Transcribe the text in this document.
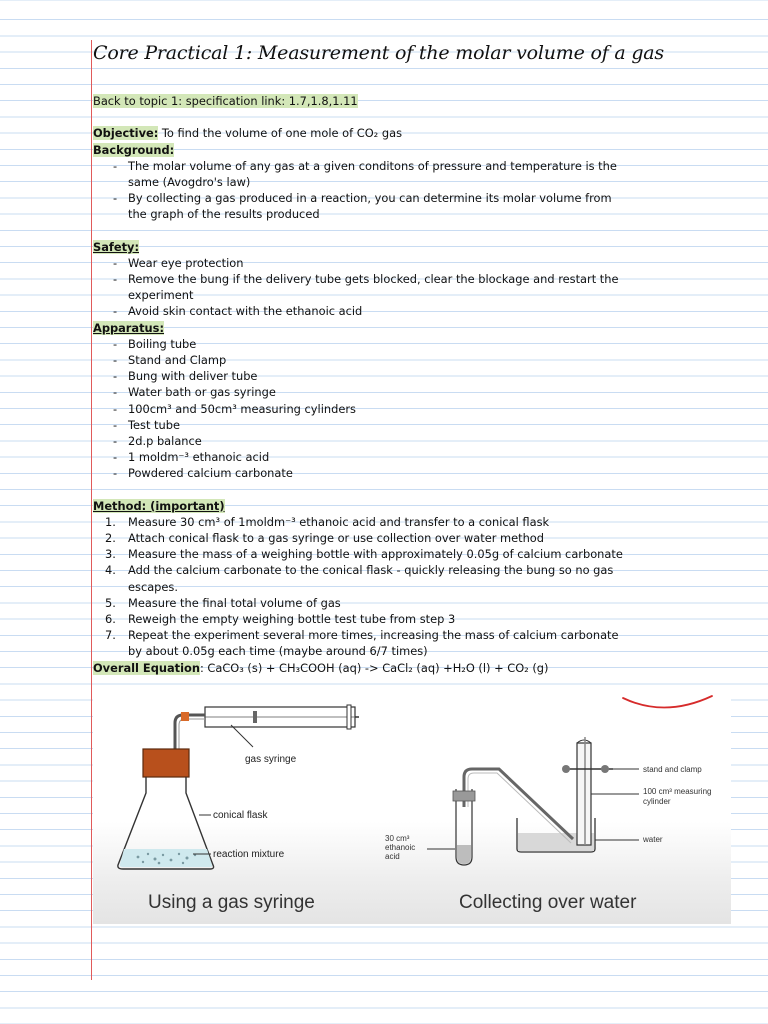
Core Practical 1: Measurement of the molar volume of a gas
Back to topic 1: specification link: 1.7,1.8,1.11
Objective: To find the volume of one mole of CO₂ gas
Background:
- The molar volume of any gas at a given conditons of pressure and temperature is the
same (Avogdro's law)
- By collecting a gas produced in a reaction, you can determine its molar volume from
the graph of the results produced
Safety:
- Wear eye protection
- Remove the bung if the delivery tube gets blocked, clear the blockage and restart the
experiment
- Avoid skin contact with the ethanoic acid
Apparatus:
- Boiling tube
- Stand and Clamp
- Bung with deliver tube
- Water bath or gas syringe
- 100cm³ and 50cm³ measuring cylinders
- Test tube
- 2d.p balance
- 1 moldm⁻³ ethanoic acid
- Powdered calcium carbonate
Method: (important)
1. Measure 30 cm³ of 1moldm⁻³ ethanoic acid and transfer to a conical flask
2. Attach conical flask to a gas syringe or use collection over water method
3. Measure the mass of a weighing bottle with approximately 0.05g of calcium carbonate
4. Add the calcium carbonate to the conical flask - quickly releasing the bung so no gas
escapes.
5. Measure the final total volume of gas
6. Reweigh the empty weighing bottle test tube from step 3
7. Repeat the experiment several more times, increasing the mass of calcium carbonate
by about 0.05g each time (maybe around 6/7 times)
Overall Equation: CaCO₃ (s) + CH₃COOH (aq) -> CaCl₂ (aq) +H₂O (l) + CO₂ (g)
gas syringe
conical flask
reaction mixture
Using a gas syringe
stand and clamp
100 cm³ measuring
cylinder
water
30 cm³
ethanoic
acid
Collecting over water
